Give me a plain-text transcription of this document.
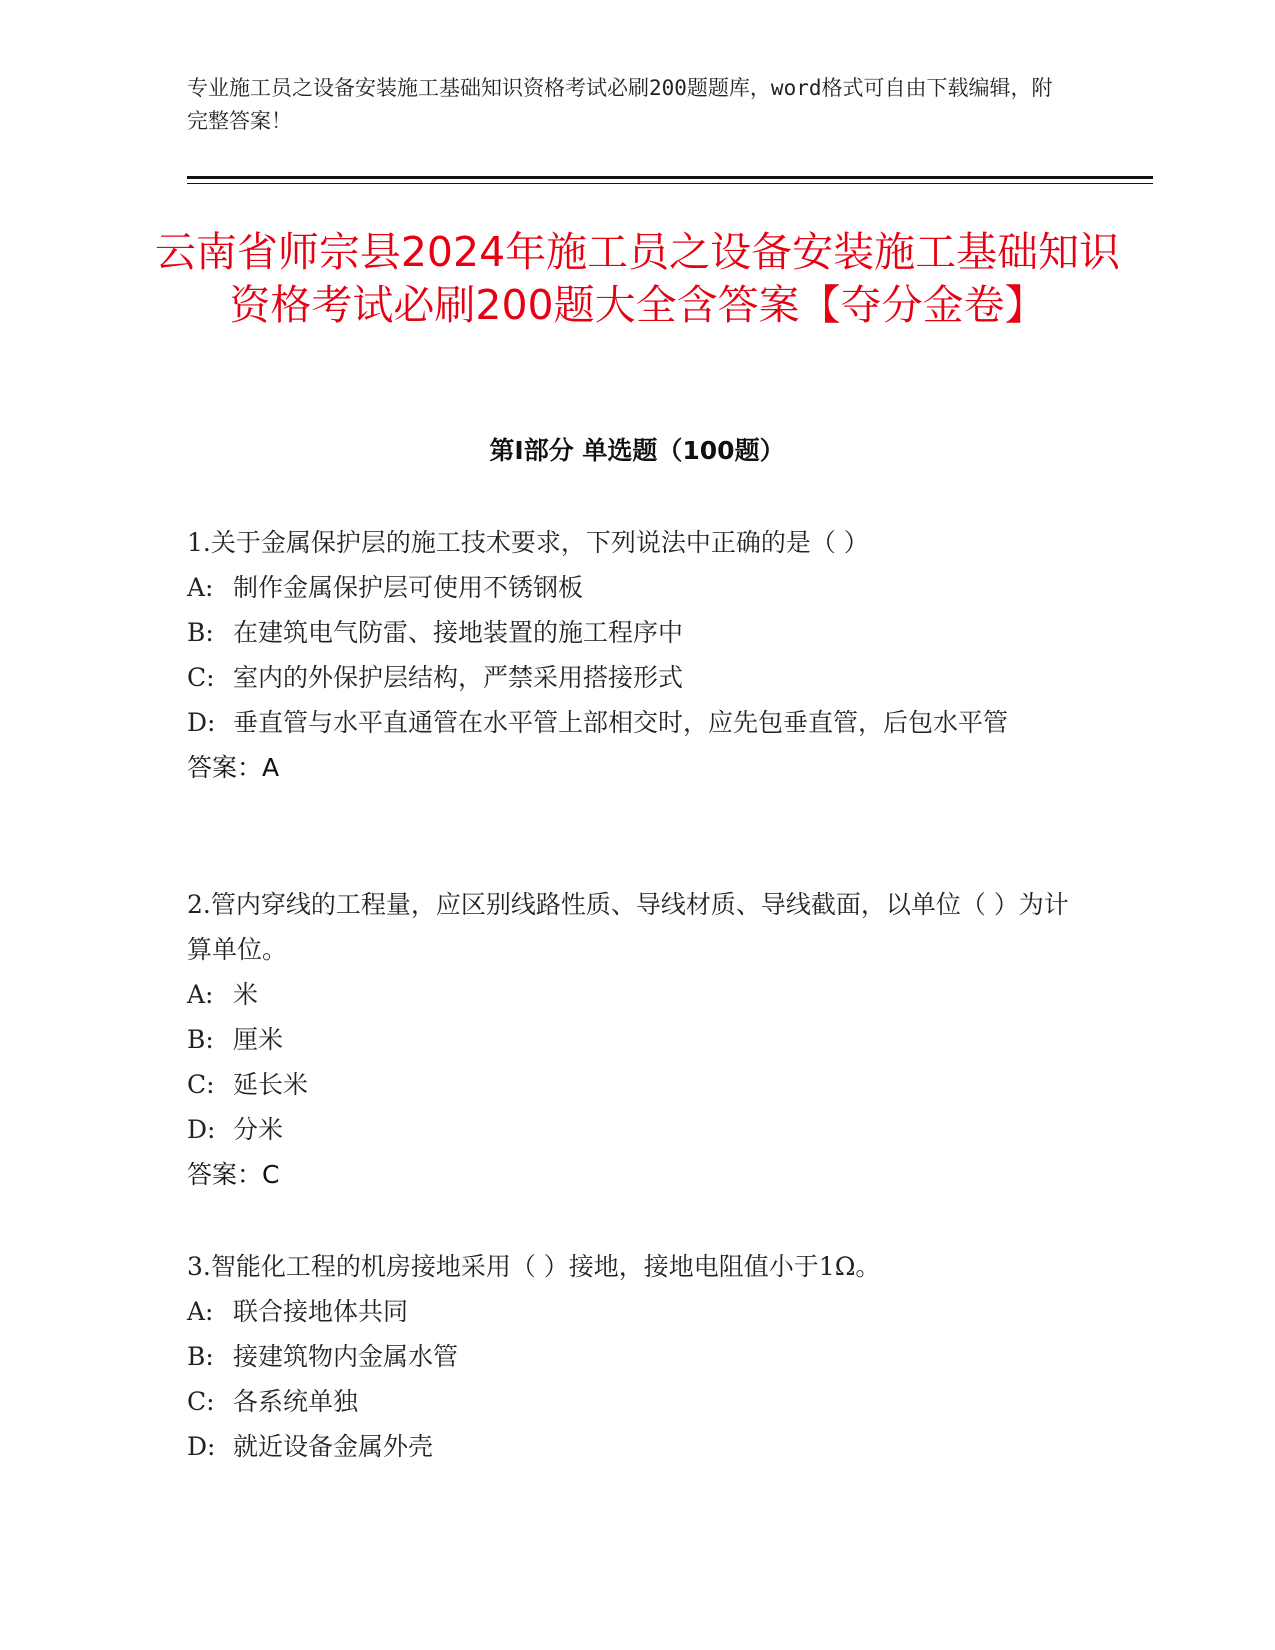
专业施工员之设备安装施工基础知识资格考试必刷200题题库，word格式可自由下载编辑，附完整答案！
云南省师宗县2024年施工员之设备安装施工基础知识资格考试必刷200题大全含答案【夺分金卷】
第I部分 单选题（100题）
1.关于金属保护层的施工技术要求，下列说法中正确的是（ ）
A: 制作金属保护层可使用不锈钢板
B: 在建筑电气防雷、接地装置的施工程序中
C: 室内的外保护层结构，严禁采用搭接形式
D: 垂直管与水平直通管在水平管上部相交时，应先包垂直管，后包水平管
答案：A
2.管内穿线的工程量，应区别线路性质、导线材质、导线截面，以单位（ ）为计算单位。
A: 米
B: 厘米
C: 延长米
D: 分米
答案：C
3.智能化工程的机房接地采用（ ）接地，接地电阻值小于1Ω。
A: 联合接地体共同
B: 接建筑物内金属水管
C: 各系统单独
D: 就近设备金属外壳
